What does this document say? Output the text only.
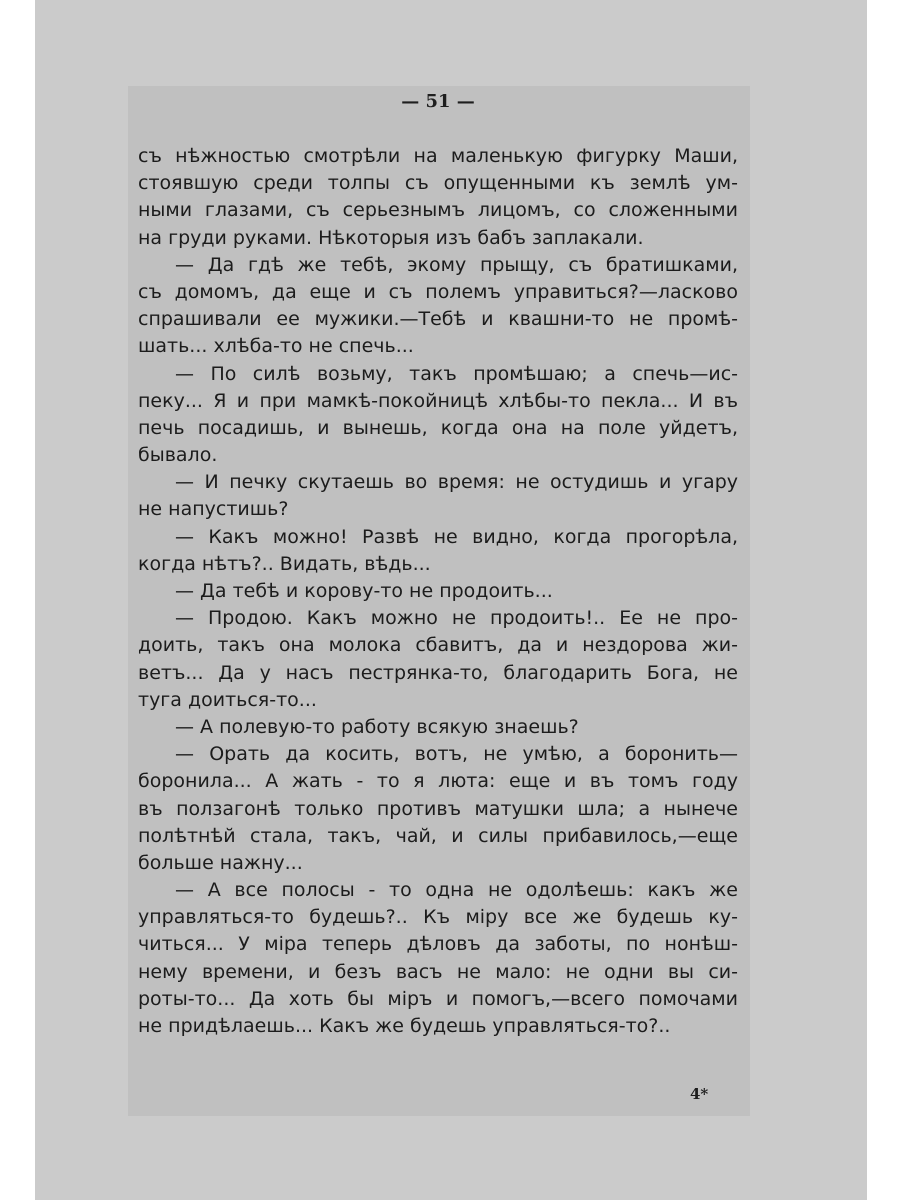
— 51 —
съ нѣжностью смотрѣли на маленькую фигурку Маши,
стоявшую среди толпы съ опущенными къ землѣ ум-
ными глазами, съ серьезнымъ лицомъ, со сложенными
на груди руками. Нѣкоторыя изъ бабъ заплакали.
— Да гдѣ же тебѣ, экому прыщу, съ братишками,
съ домомъ, да еще и съ полемъ управиться?—ласково
спрашивали ее мужики.—Тебѣ и квашни-то не промѣ-
шать... хлѣба-то не спечь...
— По силѣ возьму, такъ промѣшаю; а спечь—ис-
пеку... Я и при мамкѣ-покойницѣ хлѣбы-то пекла... И въ
печь посадишь, и вынешь, когда она на поле уйдетъ,
бывало.
— И печку скутаешь во время: не остудишь и угару
не напустишь?
— Какъ можно! Развѣ не видно, когда прогорѣла,
когда нѣтъ?.. Видать, вѣдь...
— Да тебѣ и корову-то не продоить...
— Продою. Какъ можно не продоить!.. Ее не про-
доить, такъ она молока сбавитъ, да и нездорова жи-
ветъ... Да у насъ пестрянка-то, благодарить Бога, не
туга доиться-то...
— А полевую-то работу всякую знаешь?
— Орать да косить, вотъ, не умѣю, а боронить—
боронила... А жать - то я люта: еще и въ томъ году
въ ползагонѣ только противъ матушки шла; а нынече
полѣтнѣй стала, такъ, чай, и силы прибавилось,—еще
больше нажну...
— А все полосы - то одна не одолѣешь: какъ же
управляться-то будешь?.. Къ міру все же будешь ку-
читься... У міра теперь дѣловъ да заботы, по нонѣш-
нему времени, и безъ васъ не мало: не одни вы си-
роты-то... Да хоть бы міръ и помогъ,—всего помочами
не придѣлаешь... Какъ же будешь управляться-то?..
4*
